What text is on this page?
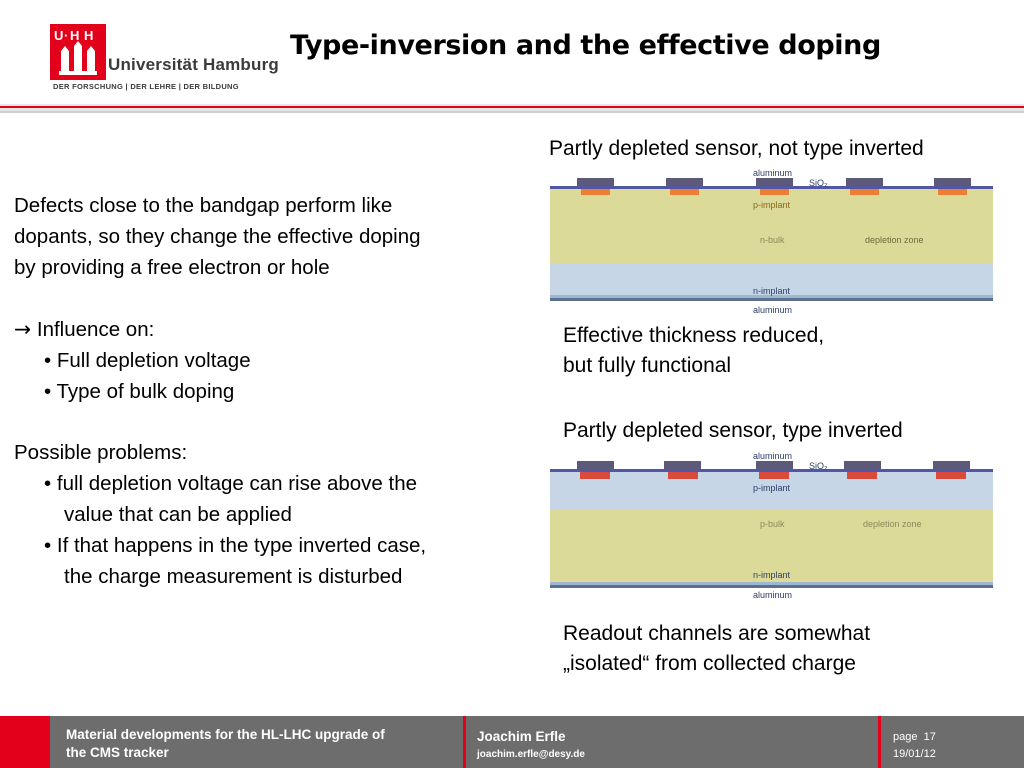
U · H H
Universität Hamburg
DER FORSCHUNG | DER LEHRE | DER BILDUNG
Type-inversion and the effective doping

Defects close to the bandgap perform like

dopants, so they change the effective doping

by providing a free electron or hole

→ Influence on:

• Full depletion voltage

• Type of bulk doping

Possible problems:

• full depletion voltage can rise above the

value that can be applied

• If that happens in the type inverted case,

the charge measurement is disturbed

Partly depleted sensor, not type inverted
Effective thickness reduced,
but fully functional
Partly depleted sensor, type inverted
Readout channels are somewhat
„isolated“ from collected charge
aluminum
SiO₂
p-implant
n-bulk	depletion zone
n-implant
aluminum
aluminum
SiO₂
p-implant
p-bulk	depletion zone
n-implant
aluminum
Material developments for the HL-LHC upgrade of
the CMS tracker
Joachim Erfle
joachim.erfle@desy.de
page 17
19/01/12
